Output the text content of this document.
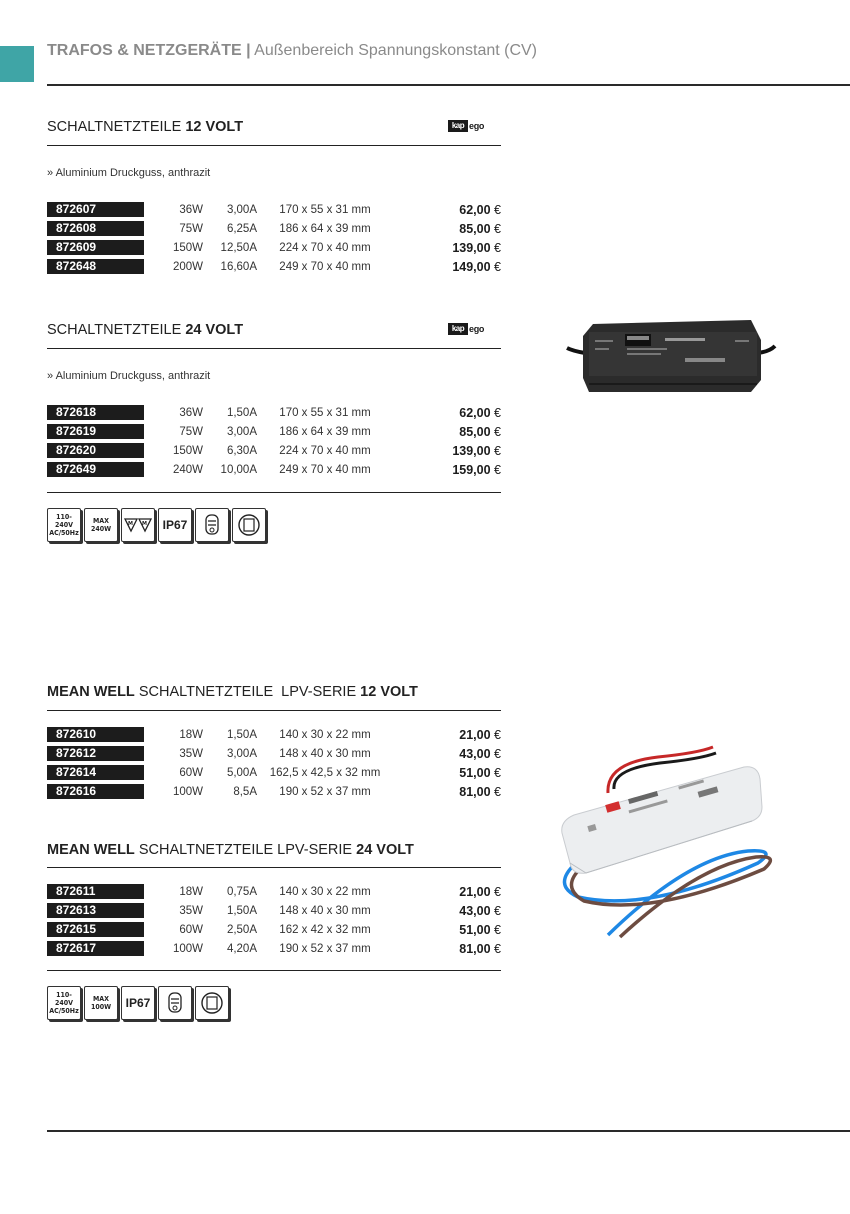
TRAFOS & NETZGERÄTE | Außenbereich Spannungskonstant (CV)
SCHALTNETZTEILE 12 VOLT	kap ego
» Aluminium Druckguss, anthrazit
872607	36W	3,00A	170 x 55 x 31 mm	62,00 €
872608	75W	6,25A	186 x 64 x 39 mm	85,00 €
872609	150W	12,50A	224 x 70 x 40 mm	139,00 €
872648	200W	16,60A	249 x 70 x 40 mm	149,00 €
SCHALTNETZTEILE 24 VOLT	kap ego
» Aluminium Druckguss, anthrazit
872618	36W	1,50A	170 x 55 x 31 mm	62,00 €
872619	75W	3,00A	186 x 64 x 39 mm	85,00 €
872620	150W	6,30A	224 x 70 x 40 mm	139,00 €
872649	240W	10,00A	249 x 70 x 40 mm	159,00 €
110-240V
AC/50Hz
MAX
240W
M M IP67
MEAN WELL SCHALTNETZTEILE  LPV-SERIE 12 VOLT
872610	18W	1,50A	140 x 30 x 22 mm	21,00 €
872612	35W	3,00A	148 x 40 x 30 mm	43,00 €
872614	60W	5,00A	162,5 x 42,5 x 32 mm	51,00 €
872616	100W	8,5A	190 x 52 x 37 mm	81,00 €
MEAN WELL SCHALTNETZTEILE LPV-SERIE 24 VOLT
872611	18W	0,75A	140 x 30 x 22 mm	21,00 €
872613	35W	1,50A	148 x 40 x 30 mm	43,00 €
872615	60W	2,50A	162 x 42 x 32 mm	51,00 €
872617	100W	4,20A	190 x 52 x 37 mm	81,00 €
110-240V
AC/50Hz
MAX
100W IP67
